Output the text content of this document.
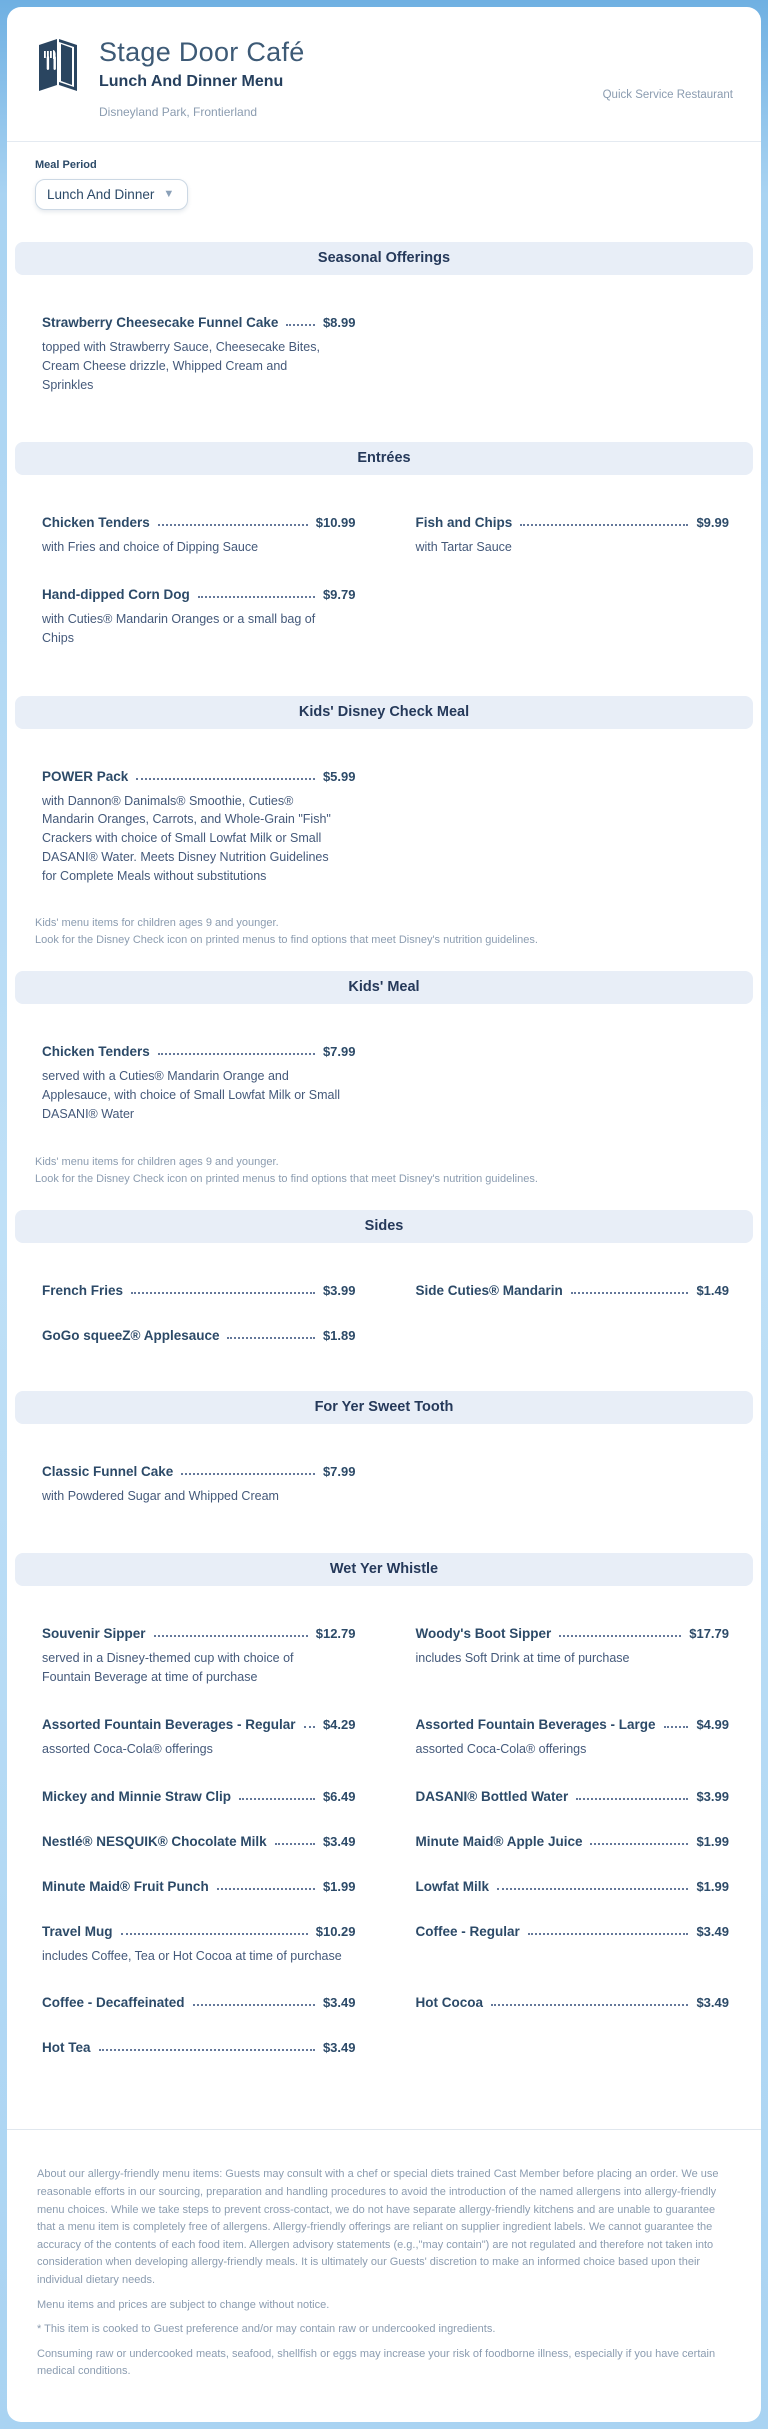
Stage Door Café
Lunch And Dinner Menu
Disneyland Park, Frontierland
Quick Service Restaurant
Meal Period
Lunch And Dinner ▼
Seasonal Offerings
Strawberry Cheesecake Funnel Cake	$8.99
topped with Strawberry Sauce, Cheesecake Bites, Cream Cheese drizzle, Whipped Cream and Sprinkles
Entrées
Chicken Tenders	$10.99
with Fries and choice of Dipping Sauce
Fish and Chips	$9.99
with Tartar Sauce
Hand-dipped Corn Dog	$9.79
with Cuties® Mandarin Oranges or a small bag of Chips
Kids' Disney Check Meal
POWER Pack	$5.99
with Dannon® Danimals® Smoothie, Cuties® Mandarin Oranges, Carrots, and Whole-Grain "Fish" Crackers with choice of Small Lowfat Milk or Small DASANI® Water. Meets Disney Nutrition Guidelines for Complete Meals without substitutions
Kids' menu items for children ages 9 and younger.
Look for the Disney Check icon on printed menus to find options that meet Disney's nutrition guidelines.
Kids' Meal
Chicken Tenders	$7.99
served with a Cuties® Mandarin Orange and Applesauce, with choice of Small Lowfat Milk or Small DASANI® Water
Kids' menu items for children ages 9 and younger.
Look for the Disney Check icon on printed menus to find options that meet Disney's nutrition guidelines.
Sides
French Fries	$3.99	Side Cuties® Mandarin	$1.49
GoGo squeeZ® Applesauce	$1.89
For Yer Sweet Tooth
Classic Funnel Cake	$7.99
with Powdered Sugar and Whipped Cream
Wet Yer Whistle
Souvenir Sipper	$12.79
served in a Disney-themed cup with choice of Fountain Beverage at time of purchase
Woody's Boot Sipper	$17.79
includes Soft Drink at time of purchase
Assorted Fountain Beverages - Regular $4.29
assorted Coca-Cola® offerings
Assorted Fountain Beverages - Large	$4.99
assorted Coca-Cola® offerings
Mickey and Minnie Straw Clip	$6.49	DASANI® Bottled Water	$3.99
Nestlé® NESQUIK® Chocolate Milk	$3.49	Minute Maid® Apple Juice	$1.99
Minute Maid® Fruit Punch	$1.99	Lowfat Milk	$1.99
Travel Mug	$10.29
includes Coffee, Tea or Hot Cocoa at time of purchase
Coffee - Regular	$3.49
Coffee - Decaffeinated	$3.49	Hot Cocoa	$3.49
Hot Tea	$3.49

About our allergy-friendly menu items: Guests may consult with a chef or special diets trained Cast Member before placing an order. We use reasonable efforts in our sourcing, preparation and handling procedures to avoid the introduction of the named allergens into allergy-friendly menu choices. While we take steps to prevent cross-contact, we do not have separate allergy-friendly kitchens and are unable to guarantee that a menu item is completely free of allergens. Allergy-friendly offerings are reliant on supplier ingredient labels. We cannot guarantee the accuracy of the contents of each food item. Allergen advisory statements (e.g.,"may contain") are not regulated and therefore not taken into consideration when developing allergy-friendly meals. It is ultimately our Guests' discretion to make an informed choice based upon their individual dietary needs.

Menu items and prices are subject to change without notice.

* This item is cooked to Guest preference and/or may contain raw or undercooked ingredients.

Consuming raw or undercooked meats, seafood, shellfish or eggs may increase your risk of foodborne illness, especially if you have certain medical conditions.
